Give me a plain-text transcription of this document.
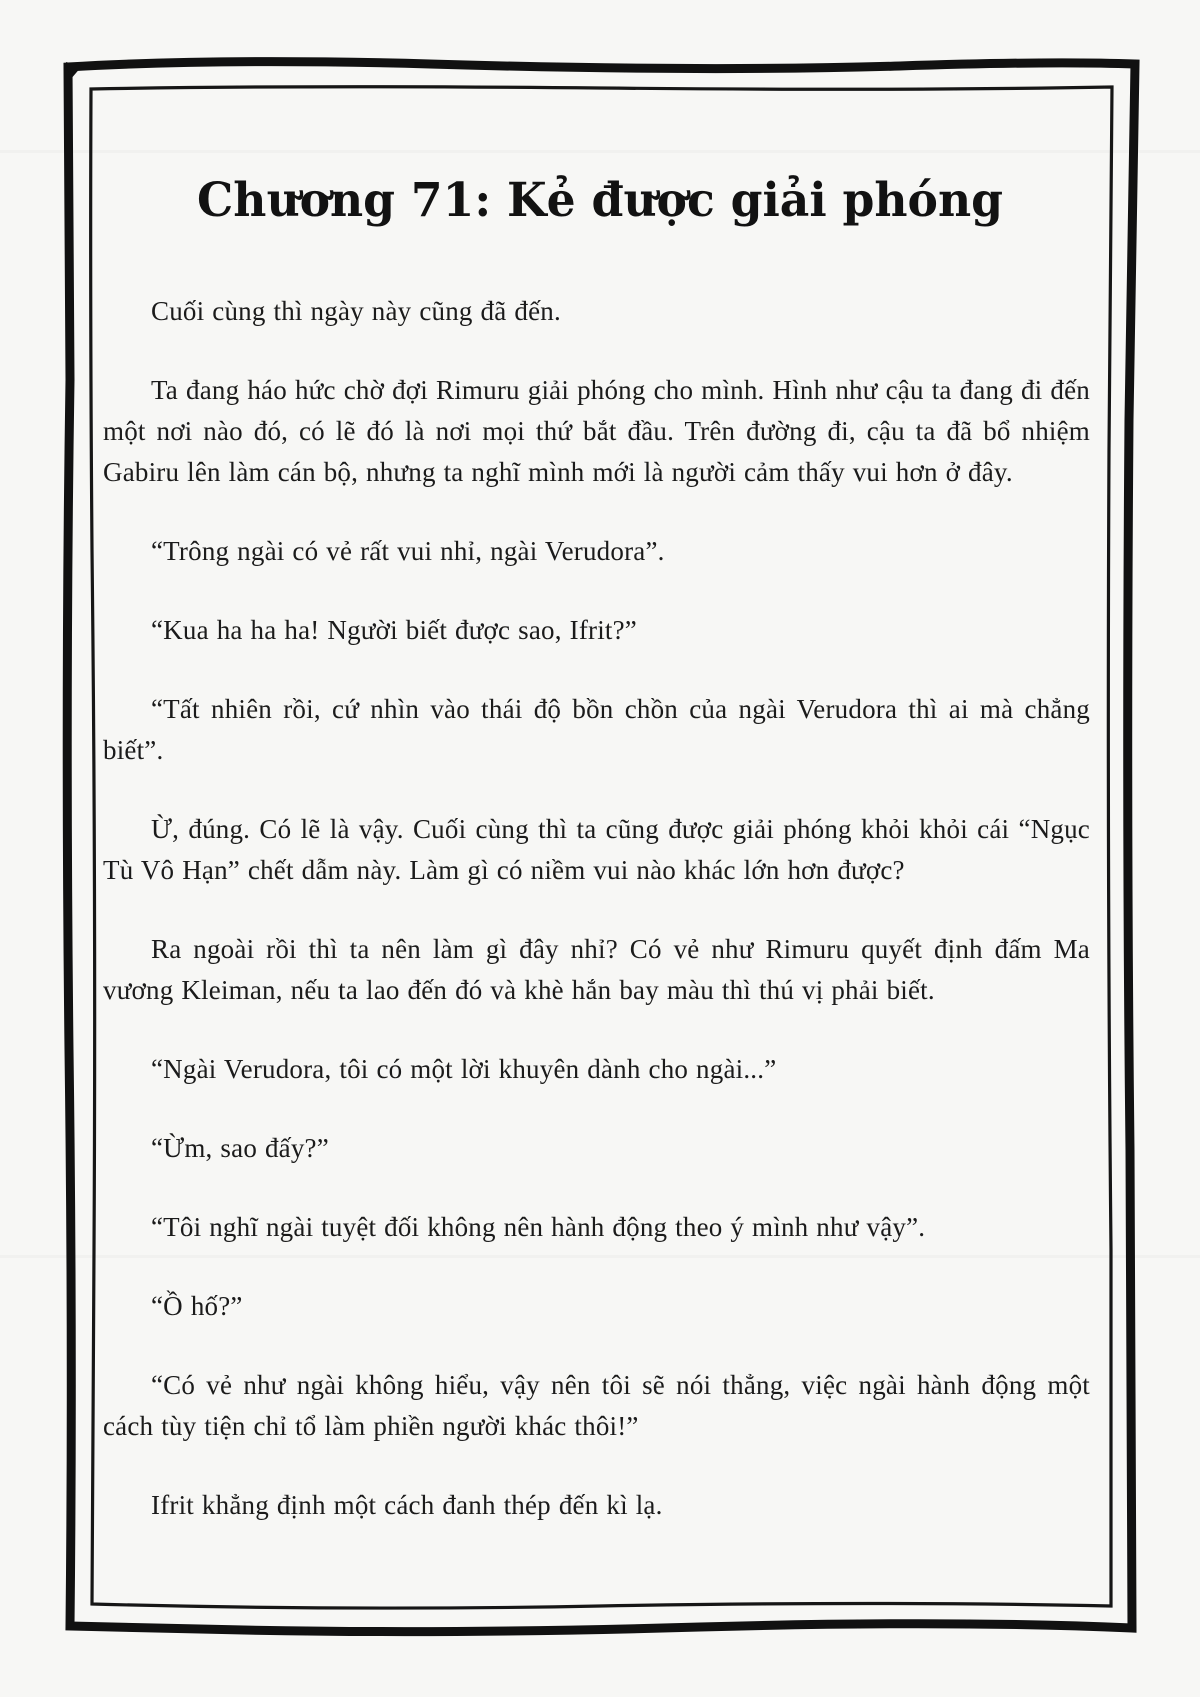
Chương 71: Kẻ được giải phóng

Cuối cùng thì ngày này cũng đã đến.

Ta đang háo hức chờ đợi Rimuru giải phóng cho mình. Hình như cậu ta đang đi đến một nơi nào đó, có lẽ đó là nơi mọi thứ bắt đầu. Trên đường đi, cậu ta đã bổ nhiệm Gabiru lên làm cán bộ, nhưng ta nghĩ mình mới là người cảm thấy vui hơn ở đây.

“Trông ngài có vẻ rất vui nhỉ, ngài Verudora”.

“Kua ha ha ha! Người biết được sao, Ifrit?”

“Tất nhiên rồi, cứ nhìn vào thái độ bồn chồn của ngài Verudora thì ai mà chẳng biết”.

Ừ, đúng. Có lẽ là vậy. Cuối cùng thì ta cũng được giải phóng khỏi khỏi cái “Ngục Tù Vô Hạn” chết dẫm này. Làm gì có niềm vui nào khác lớn hơn được?

Ra ngoài rồi thì ta nên làm gì đây nhỉ? Có vẻ như Rimuru quyết định đấm Ma vương Kleiman, nếu ta lao đến đó và khè hắn bay màu thì thú vị phải biết.

“Ngài Verudora, tôi có một lời khuyên dành cho ngài...”

“Ừm, sao đấy?”

“Tôi nghĩ ngài tuyệt đối không nên hành động theo ý mình như vậy”.

“Ồ hố?”

“Có vẻ như ngài không hiểu, vậy nên tôi sẽ nói thẳng, việc ngài hành động một cách tùy tiện chỉ tổ làm phiền người khác thôi!”

Ifrit khẳng định một cách đanh thép đến kì lạ.
